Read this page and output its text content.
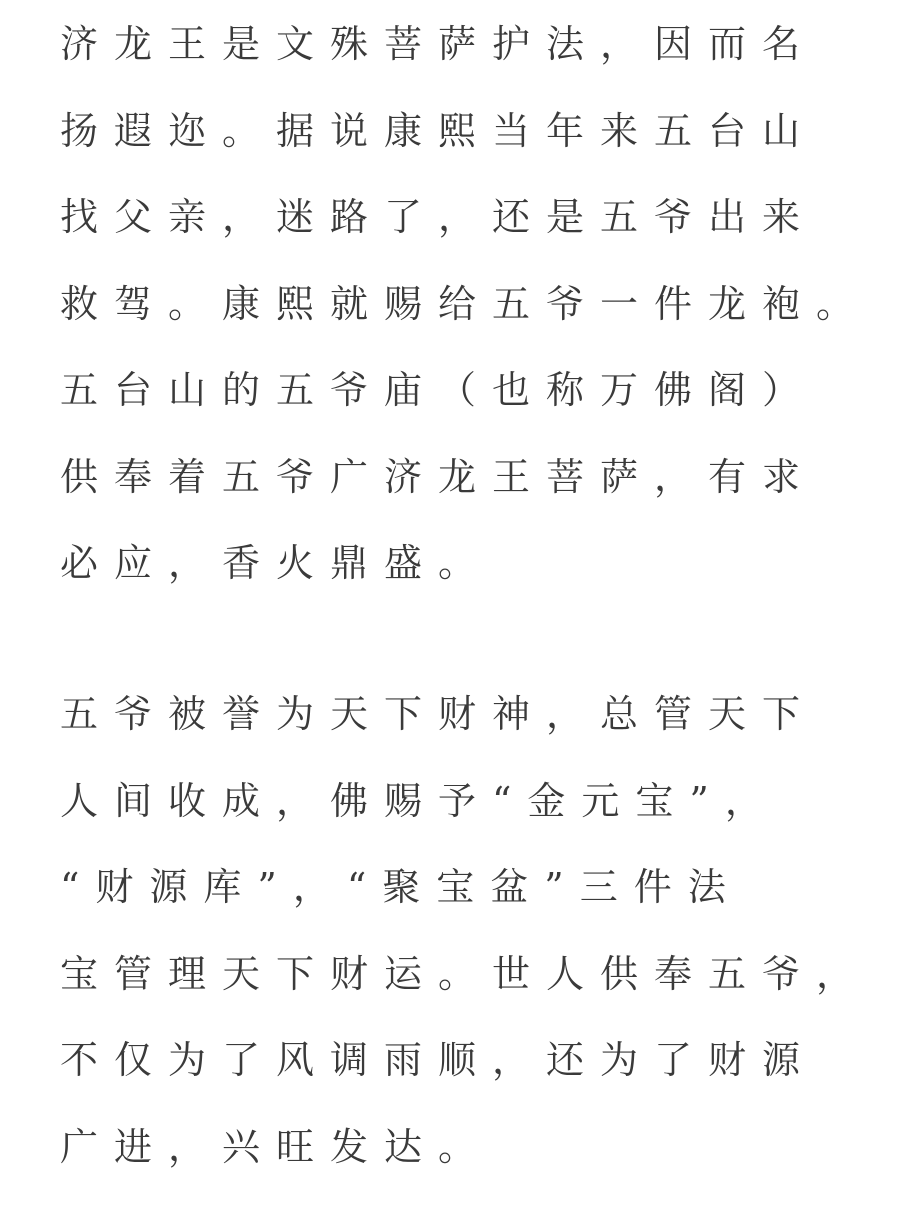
济龙王是文殊菩萨护法，因而名
扬遐迩。据说康熙当年来五台山
找父亲，迷路了，还是五爷出来
救驾。康熙就赐给五爷一件龙袍。
五台山的五爷庙（也称万佛阁）
供奉着五爷广济龙王菩萨，有求
必应，香火鼎盛。
五爷被誉为天下财神，总管天下
人间收成，佛赐予“金元宝”，
“财源库”，“聚宝盆”三件法
宝管理天下财运。世人供奉五爷，
不仅为了风调雨顺，还为了财源
广进，兴旺发达。
